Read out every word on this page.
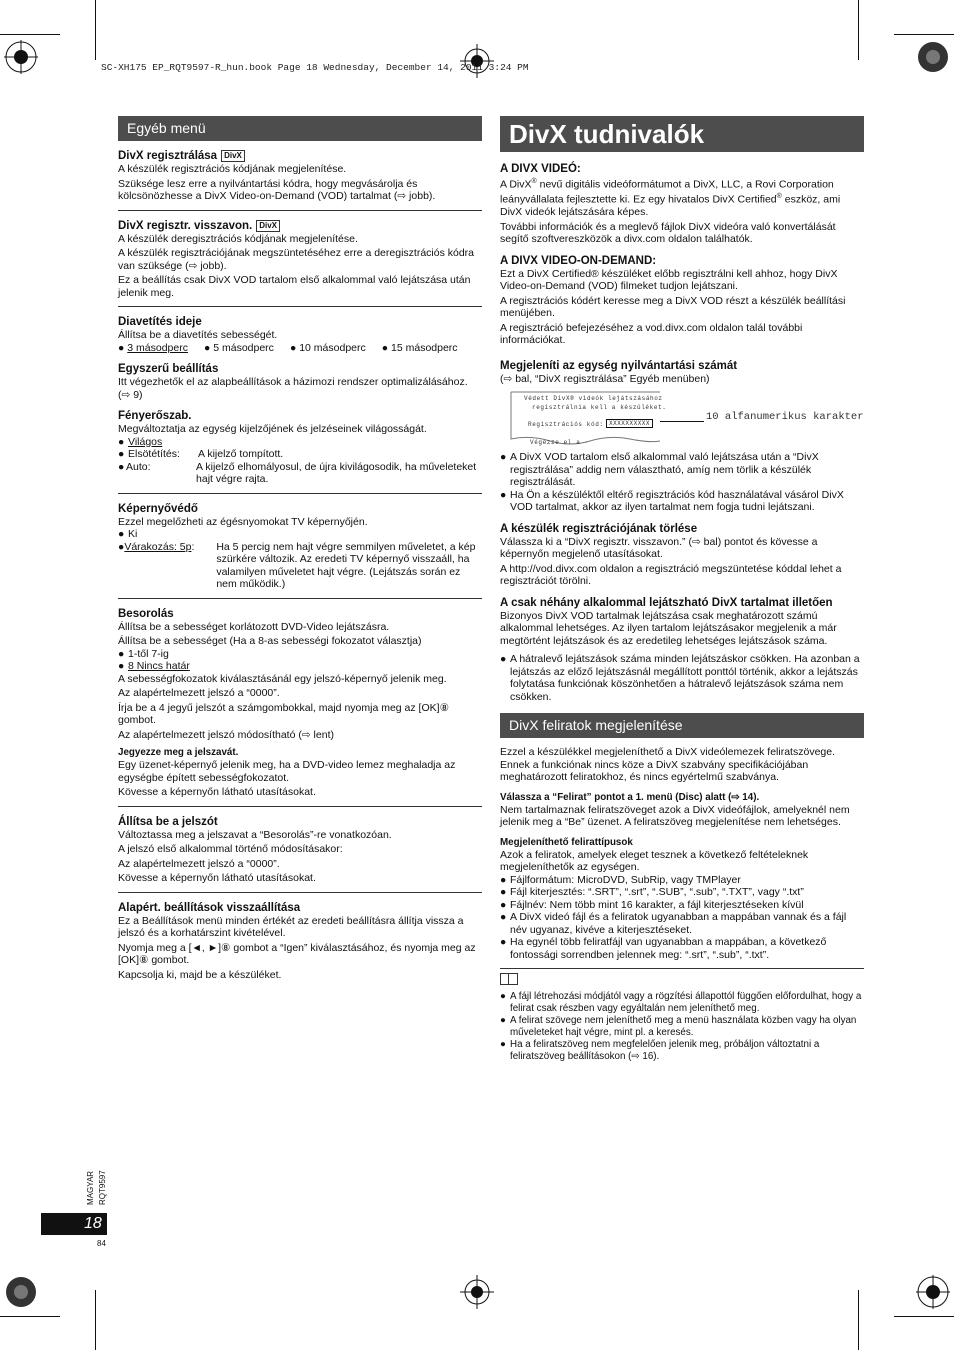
SC-XH175 EP_RQT9597-R_hun.book Page 18 Wednesday, December 14, 2011 3:24 PM
Egyéb menü
DivX regisztrálása DivX
A készülék regisztrációs kódjának megjelenítése.
Szüksége lesz erre a nyilvántartási kódra, hogy megvásárolja és kölcsönözhesse a DivX Video-on-Demand (VOD) tartalmat (⇨ jobb).
DivX regisztr. visszavon. DivX
A készülék deregisztrációs kódjának megjelenítése.
A készülék regisztrációjának megszüntetéséhez erre a deregisztrációs kódra van szüksége (⇨ jobb).
Ez a beállítás csak DivX VOD tartalom első alkalommal való lejátszása után jelenik meg.
Diavetítés ideje
Állítsa be a diavetítés sebességét.
● 3 másodperc ● 5 másodperc ● 10 másodperc ● 15 másodperc
Egyszerű beállítás
Itt végezhetők el az alapbeállítások a házimozi rendszer optimalizálásához. (⇨ 9)
Fényerőszab.
Megváltoztatja az egység kijelzőjének és jelzéseinek világosságát.
● Világos
● Elsötétítés:	A kijelző tompított.
● Auto:	A kijelző elhomályosul, de újra kivilágosodik, ha műveleteket hajt végre rajta.
Képernyővédő
Ezzel megelőzheti az égésnyomokat TV képernyőjén.
● Ki
● Várakozás: 5p:	Ha 5 percig nem hajt végre semmilyen műveletet, a kép szürkére változik. Az eredeti TV képernyő visszaáll, ha valamilyen műveletet hajt végre. (Lejátszás során ez nem működik.)
Besorolás
Állítsa be a sebességet korlátozott DVD-Video lejátszásra.
Állítsa be a sebességet (Ha a 8-as sebességi fokozatot választja)
● 1-től 7-ig
● 8 Nincs határ
A sebességfokozatok kiválasztásánál egy jelszó-képernyő jelenik meg.
Az alapértelmezett jelszó a “0000”.
Írja be a 4 jegyű jelszót a számgombokkal, majd nyomja meg az [OK]⑧ gombot.
Az alapértelmezett jelszó módosítható (⇨ lent)
Jegyezze meg a jelszavát.
Egy üzenet-képernyő jelenik meg, ha a DVD-video lemez meghaladja az egységbe épített sebességfokozatot.
Kövesse a képernyőn látható utasításokat.
Állítsa be a jelszót
Változtassa meg a jelszavat a “Besorolás”-re vonatkozóan.
A jelszó első alkalommal történő módosításakor:
Az alapértelmezett jelszó a “0000”.
Kövesse a képernyőn látható utasításokat.
Alapért. beállítások visszaállítása
Ez a Beállítások menü minden értékét az eredeti beállításra állítja vissza a jelszó és a korhatárszint kivételével.
Nyomja meg a [◄, ►]⑧ gombot a “Igen” kiválasztásához, és nyomja meg az [OK]⑧ gombot.
Kapcsolja ki, majd be a készüléket.
DivX tudnivalók
A DIVX VIDEÓ:
A DivX® nevű digitális videóformátumot a DivX, LLC, a Rovi Corporation leányvállalata fejlesztette ki. Ez egy hivatalos DivX Certified® eszköz, ami DivX videók lejátszására képes.
További információk és a meglevő fájlok DivX videóra való konvertálását segítő szoftvereszközök a divx.com oldalon találhatók.
A DIVX VIDEO-ON-DEMAND:
Ezt a DivX Certified® készüléket előbb regisztrálni kell ahhoz, hogy DivX Video-on-Demand (VOD) filmeket tudjon lejátszani.
A regisztrációs kódért keresse meg a DivX VOD részt a készülék beállítási menüjében.
A regisztráció befejezéséhez a vod.divx.com oldalon talál további információkat.
Megjeleníti az egység nyilvántartási számát
(⇨ bal, “DivX regisztrálása” Egyéb menüben)
Védett DivX® videók lejátszásához
regisztrálnia kell a készüléket.
Regisztrációs kód: XXXXXXXXXX
Végezze el a ·
10 alfanumerikus karakter
● A DivX VOD tartalom első alkalommal való lejátszása után a “DivX regisztrálása” addig nem választható, amíg nem törlik a készülék regisztrálását.
● Ha Ön a készüléktől eltérő regisztrációs kód használatával vásárol DivX VOD tartalmat, akkor az ilyen tartalmat nem fogja tudni lejátszani.
A készülék regisztrációjának törlése
Válassza ki a “DivX regisztr. visszavon.” (⇨ bal) pontot és kövesse a képernyőn megjelenő utasításokat.
A http://vod.divx.com oldalon a regisztráció megszüntetése kóddal lehet a regisztrációt törölni.
A csak néhány alkalommal lejátszható DivX tartalmat illetően
Bizonyos DivX VOD tartalmak lejátszása csak meghatározott számú alkalommal lehetséges. Az ilyen tartalom lejátszásakor megjelenik a már megtörtént lejátszások és az eredetileg lehetséges lejátszások száma.
● A hátralevő lejátszások száma minden lejátszáskor csökken. Ha azonban a lejátszás az előző lejátszásnál megállított ponttól történik, akkor a lejátszás folytatása funkciónak köszönhetően a hátralevő lejátszások száma nem csökken.
DivX feliratok megjelenítése
Ezzel a készülékkel megjeleníthető a DivX videólemezek feliratszövege. Ennek a funkciónak nincs köze a DivX szabvány specifikációjában meghatározott feliratokhoz, és nincs egyértelmű szabványa.
Válassza a “Felirat” pontot a 1. menü (Disc) alatt (⇨ 14).
Nem tartalmaznak feliratszöveget azok a DivX videófájlok, amelyeknél nem jelenik meg a “Be” üzenet. A feliratszöveg megjelenítése nem lehetséges.
Megjeleníthető felirattípusok
Azok a feliratok, amelyek eleget tesznek a következő feltételeknek megjeleníthetők az egységen.
● Fájlformátum: MicroDVD, SubRip, vagy TMPlayer
● Fájl kiterjesztés: “.SRT”, “.srt”, “.SUB”, “.sub”, “.TXT”, vagy “.txt”
● Fájlnév: Nem több mint 16 karakter, a fájl kiterjesztéseken kívül
● A DivX videó fájl és a feliratok ugyanabban a mappában vannak és a fájl név ugyanaz, kivéve a kiterjesztéseket.
● Ha egynél több feliratfájl van ugyanabban a mappában, a következő fontossági sorrendben jelennek meg: “.srt”, “.sub”, “.txt”.
● A fájl létrehozási módjától vagy a rögzítési állapottól függően előfordulhat, hogy a felirat csak részben vagy egyáltalán nem jeleníthető meg.
● A felirat szövege nem jeleníthető meg a menü használata közben vagy ha olyan műveleteket hajt végre, mint pl. a keresés.
● Ha a feliratszöveg nem megfelelően jelenik meg, próbáljon változtatni a feliratszöveg beállításokon (⇨ 16).
MAGYAR RQT9597
18
84
